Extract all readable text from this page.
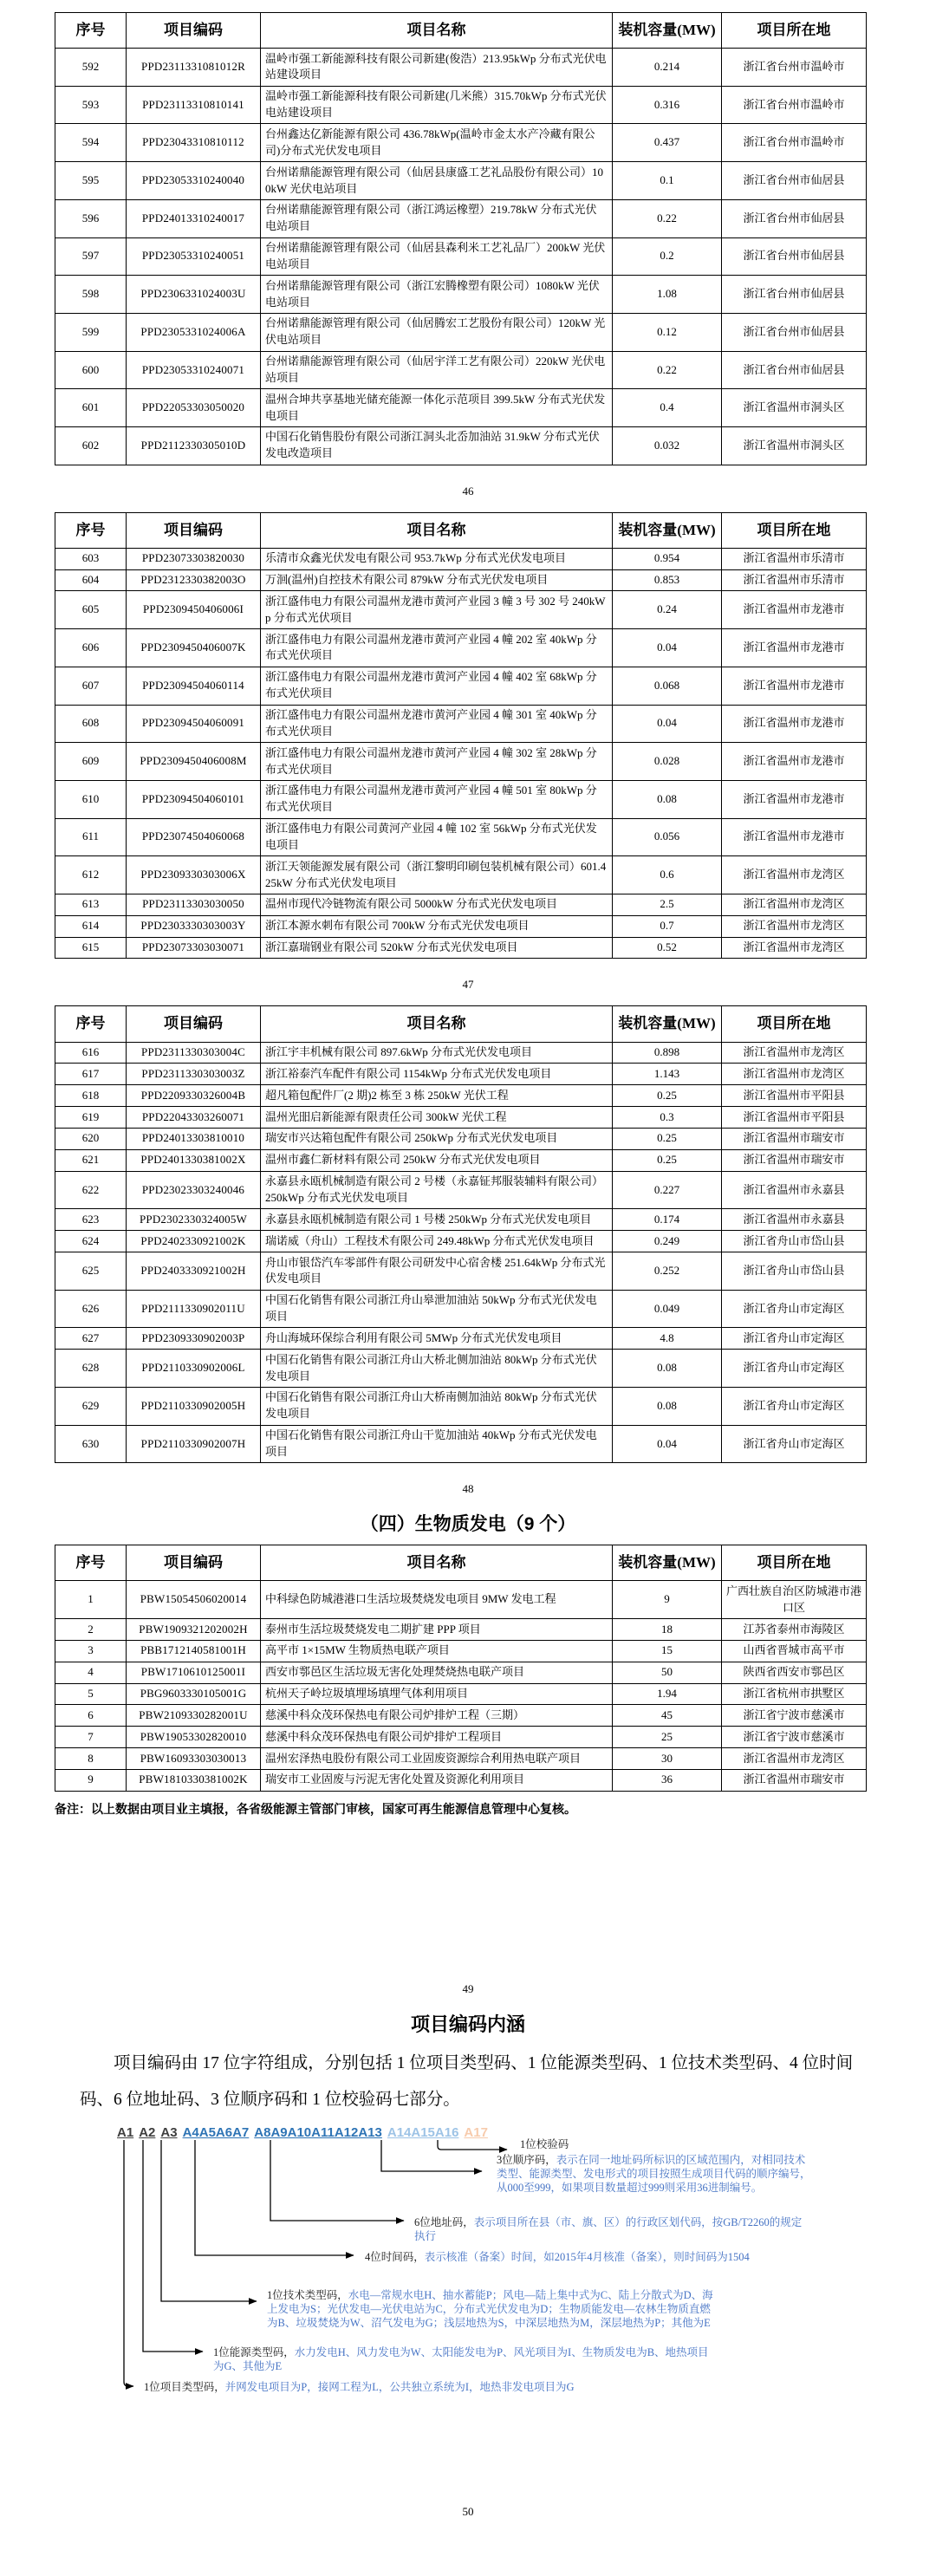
序号	项目编码	项目名称	装机容量(MW)	项目所在地
592	PPD2311331081012R	温岭市强工新能源科技有限公司新建(俊浩）213.95kWp 分布式光伏电站建设项目	0.214	浙江省台州市温岭市
593	PPD23113310810141	温岭市强工新能源科技有限公司新建(几米熊）315.70kWp 分布式光伏电站建设项目	0.316	浙江省台州市温岭市
594	PPD23043310810112	台州鑫达亿新能源有限公司 436.78kWp(温岭市金太水产冷藏有限公司)分布式光伏发电项目	0.437	浙江省台州市温岭市
595	PPD23053310240040	台州诺鼎能源管理有限公司（仙居县康盛工艺礼品股份有限公司）100kW 光伏电站项目	0.1	浙江省台州市仙居县
596	PPD24013310240017	台州诺鼎能源管理有限公司（浙江鸿运橡塑）219.78kW 分布式光伏电站项目	0.22	浙江省台州市仙居县
597	PPD23053310240051	台州诺鼎能源管理有限公司（仙居县森利米工艺礼品厂）200kW 光伏电站项目	0.2	浙江省台州市仙居县
598	PPD2306331024003U	台州诺鼎能源管理有限公司（浙江宏腾橡塑有限公司）1080kW 光伏电站项目	1.08	浙江省台州市仙居县
599	PPD2305331024006A	台州诺鼎能源管理有限公司（仙居腾宏工艺股份有限公司）120kW 光伏电站项目	0.12	浙江省台州市仙居县
600	PPD23053310240071	台州诺鼎能源管理有限公司（仙居宇洋工艺有限公司）220kW 光伏电站项目	0.22	浙江省台州市仙居县
601	PPD22053303050020	温州合坤共享基地光储充能源一体化示范项目 399.5kW 分布式光伏发电项目	0.4	浙江省温州市洞头区
602	PPD2112330305010D	中国石化销售股份有限公司浙江洞头北岙加油站 31.9kW 分布式光伏发电改造项目	0.032	浙江省温州市洞头区
46
序号	项目编码	项目名称	装机容量(MW)	项目所在地
603	PPD23073303820030	乐清市众鑫光伏发电有限公司 953.7kWp 分布式光伏发电项目	0.954	浙江省温州市乐清市
604	PPD2312330382003O	万洄(温州)自控技术有限公司 879kW 分布式光伏发电项目	0.853	浙江省温州市乐清市
605	PPD2309450406006I	浙江盛伟电力有限公司温州龙港市黄河产业园 3 幢 3 号 302 号 240kWp 分布式光伏项目	0.24	浙江省温州市龙港市
606	PPD2309450406007K	浙江盛伟电力有限公司温州龙港市黄河产业园 4 幢 202 室 40kWp 分布式光伏项目	0.04	浙江省温州市龙港市
607	PPD23094504060114	浙江盛伟电力有限公司温州龙港市黄河产业园 4 幢 402 室 68kWp 分布式光伏项目	0.068	浙江省温州市龙港市
608	PPD23094504060091	浙江盛伟电力有限公司温州龙港市黄河产业园 4 幢 301 室 40kWp 分布式光伏项目	0.04	浙江省温州市龙港市
609	PPD2309450406008M	浙江盛伟电力有限公司温州龙港市黄河产业园 4 幢 302 室 28kWp 分布式光伏项目	0.028	浙江省温州市龙港市
610	PPD23094504060101	浙江盛伟电力有限公司温州龙港市黄河产业园 4 幢 501 室 80kWp 分布式光伏项目	0.08	浙江省温州市龙港市
611	PPD23074504060068	浙江盛伟电力有限公司黄河产业园 4 幢 102 室 56kWp 分布式光伏发电项目	0.056	浙江省温州市龙港市
612	PPD2309330303006X	浙江天领能源发展有限公司（浙江黎明印刷包装机械有限公司）601.425kW 分布式光伏发电项目	0.6	浙江省温州市龙湾区
613	PPD23113303030050	温州市现代冷链物流有限公司 5000kW 分布式光伏发电项目	2.5	浙江省温州市龙湾区
614	PPD2303330303003Y	浙江本源水刺布有限公司 700kW 分布式光伏发电项目	0.7	浙江省温州市龙湾区
615	PPD23073303030071	浙江嘉瑞钢业有限公司 520kW 分布式光伏发电项目	0.52	浙江省温州市龙湾区
47
序号	项目编码	项目名称	装机容量(MW)	项目所在地
616	PPD2311330303004C	浙江宇丰机械有限公司 897.6kWp 分布式光伏发电项目	0.898	浙江省温州市龙湾区
617	PPD2311330303003Z	浙江裕泰汽车配件有限公司 1154kWp 分布式光伏发电项目	1.143	浙江省温州市龙湾区
618	PPD2209330326004B	超凡箱包配件厂(2 期)2 栋至 3 栋 250kW 光伏工程	0.25	浙江省温州市平阳县
619	PPD22043303260071	温州光昍启新能源有限责任公司 300kW 光伏工程	0.3	浙江省温州市平阳县
620	PPD24013303810010	瑞安市兴达箱包配件有限公司 250kWp 分布式光伏发电项目	0.25	浙江省温州市瑞安市
621	PPD2401330381002X	温州市鑫仁新材料有限公司 250kW 分布式光伏发电项目	0.25	浙江省温州市瑞安市
622	PPD23023303240046	永嘉县永瓯机械制造有限公司 2 号楼（永嘉钲邦服装辅料有限公司）250kWp 分布式光伏发电项目	0.227	浙江省温州市永嘉县
623	PPD2302330324005W	永嘉县永瓯机械制造有限公司 1 号楼 250kWp 分布式光伏发电项目	0.174	浙江省温州市永嘉县
624	PPD2402330921002K	瑞诺威（舟山）工程技术有限公司 249.48kWp 分布式光伏发电项目	0.249	浙江省舟山市岱山县
625	PPD2403330921002H	舟山市银岱汽车零部件有限公司研发中心宿舍楼 251.64kWp 分布式光伏发电项目	0.252	浙江省舟山市岱山县
626	PPD2111330902011U	中国石化销售有限公司浙江舟山皋泄加油站 50kWp 分布式光伏发电项目	0.049	浙江省舟山市定海区
627	PPD2309330902003P	舟山海城环保综合利用有限公司 5MWp 分布式光伏发电项目	4.8	浙江省舟山市定海区
628	PPD2110330902006L	中国石化销售有限公司浙江舟山大桥北侧加油站 80kWp 分布式光伏发电项目	0.08	浙江省舟山市定海区
629	PPD2110330902005H	中国石化销售有限公司浙江舟山大桥南侧加油站 80kWp 分布式光伏发电项目	0.08	浙江省舟山市定海区
630	PPD2110330902007H	中国石化销售有限公司浙江舟山干览加油站 40kWp 分布式光伏发电项目	0.04	浙江省舟山市定海区
48
（四）生物质发电（9 个）
序号	项目编码	项目名称	装机容量(MW)	项目所在地
1	PBW15054506020014	中科绿色防城港港口生活垃圾焚烧发电项目 9MW 发电工程	9	广西壮族自治区防城港市港口区
2	PBW1909321202002H	泰州市生活垃圾焚烧发电二期扩建 PPP 项目	18	江苏省泰州市海陵区
3	PBB1712140581001H	高平市 1×15MW 生物质热电联产项目	15	山西省晋城市高平市
4	PBW1710610125001I	西安市鄠邑区生活垃圾无害化处理焚烧热电联产项目	50	陕西省西安市鄠邑区
5	PBG9603330105001G	杭州天子岭垃圾填埋场填埋气体利用项目	1.94	浙江省杭州市拱墅区
6	PBW2109330282001U	慈溪中科众茂环保热电有限公司炉排炉工程（三期）	45	浙江省宁波市慈溪市
7	PBW19053302820010	慈溪中科众茂环保热电有限公司炉排炉工程项目	25	浙江省宁波市慈溪市
8	PBW16093303030013	温州宏泽热电股份有限公司工业固废资源综合利用热电联产项目	30	浙江省温州市龙湾区
9	PBW1810330381002K	瑞安市工业固废与污泥无害化处置及资源化利用项目	36	浙江省温州市瑞安市
备注：以上数据由项目业主填报，各省级能源主管部门审核，国家可再生能源信息管理中心复核。
49
项目编码内涵
项目编码由 17 位字符组成，分别包括 1 位项目类型码、1 位能源类型码、1 位技术类型码、4 位时间码、6 位地址码、3 位顺序码和 1 位校验码七部分。
A1 A2 A3 A4A5A6A7 A8A9A10A11A12A13 A14A15A16 A17
1位校验码
3位顺序码，表示在同一地址码所标识的区域范围内，对相同技术类型、能源类型、发电形式的项目按照生成项目代码的顺序编号，从000至999，如果项目数量超过999则采用36进制编号。
6位地址码，表示项目所在县（市、旗、区）的行政区划代码，按GB/T2260的规定执行
4位时间码，表示核准（备案）时间，如2015年4月核准（备案），则时间码为1504
1位技术类型码，水电—常规水电H、抽水蓄能P；风电—陆上集中式为C、陆上分散式为D、海上发电为S；光伏发电—光伏电站为C，分布式光伏发电为D；生物质能发电—农林生物质直燃为B、垃圾焚烧为W、沼气发电为G；浅层地热为S，中深层地热为M，深层地热为P；其他为E
1位能源类型码，水力发电H、风力发电为W、太阳能发电为P、风光项目为I、生物质发电为B、地热项目为G、其他为E
1位项目类型码，并网发电项目为P，接网工程为L，公共独立系统为I，地热非发电项目为G
50
